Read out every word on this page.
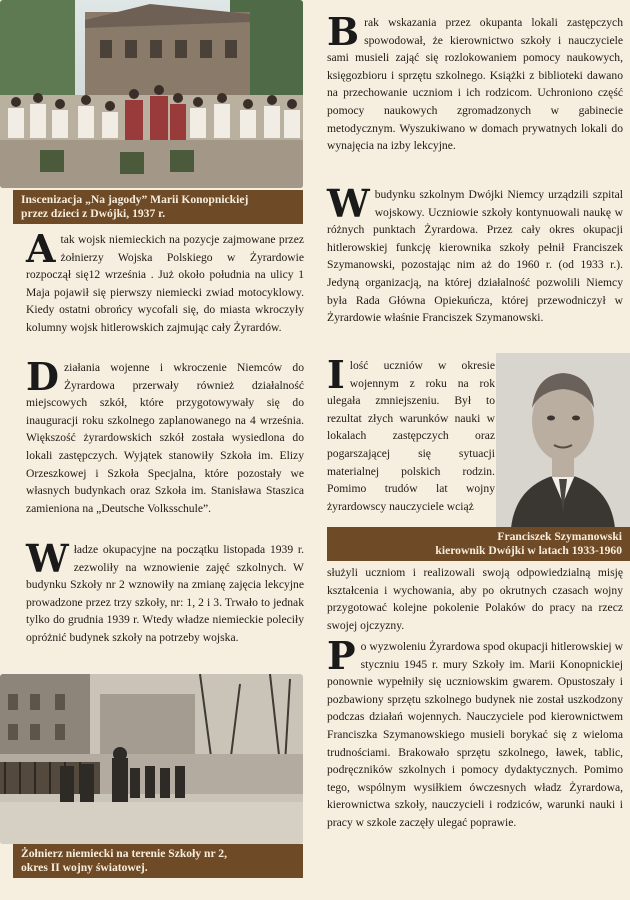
Inscenizacja „Na jagody” Marii Konopnickiej
przez dzieci z Dwójki, 1937 r.

Atak wojsk niemieckich na pozycje zajmowane przez żołnierzy Wojska Polskiego w Żyrardowie rozpoczął się12 września . Już około południa na ulicy 1 Maja pojawił się pierwszy niemiecki zwiad motocyklowy. Kiedy ostatni obrońcy wycofali się, do miasta wkroczyły kolumny wojsk hitlerowskich zajmując cały Żyrardów.

Działania wojenne i wkroczenie Niemców do Żyrardowa przerwały również działalność miejscowych szkół, które przygotowywały się do inauguracji roku szkolnego zaplanowanego na 4 września. Większość żyrardowskich szkół została wysiedlona do lokali zastępczych. Wyjątek stanowiły Szkoła im. Elizy Orzeszkowej i Szkoła Specjalna, które pozostały we własnych budynkach oraz Szkoła im. Stanisława Staszica zamieniona na „Deutsche Volksschule”.

Władze okupacyjne na początku listopada 1939 r. zezwoliły na wznowienie zajęć szkolnych. W budynku Szkoły nr 2 wznowiły na zmianę zajęcia lekcyjne prowadzone przez trzy szkoły, nr: 1, 2 i 3. Trwało to jednak tylko do grudnia 1939 r. Wtedy władze niemieckie poleciły opróżnić budynek szkoły na potrzeby wojska.

Żołnierz niemiecki na terenie Szkoły nr 2,
okres II wojny światowej.

Brak wskazania przez okupanta lokali zastępczych spowodował, że kierownictwo szkoły i nauczyciele sami musieli zająć się rozlokowaniem pomocy naukowych, księgozbioru i sprzętu szkolnego. Książki z biblioteki dawano na przechowanie uczniom i ich rodzicom. Uchroniono część pomocy naukowych zgromadzonych w gabinecie metodycznym. Wyszukiwano w domach prywatnych lokali do wynajęcia na izby lekcyjne.

Wbudynku szkolnym Dwójki Niemcy urządzili szpital wojskowy. Uczniowie szkoły kontynuowali naukę w różnych punktach Żyrardowa. Przez cały okres okupacji hitlerowskiej funkcję kierownika szkoły pełnił Franciszek Szymanowski, pozostając nim aż do 1960 r. (od 1933 r.). Jedyną organizacją, na której działalność pozwolili Niemcy była Rada Główna Opiekuńcza, której przewodniczył w Żyrardowie właśnie Franciszek Szymanowski.

Ilość uczniów w okresie wojennym z roku na rok ulegała zmniejszeniu. Był to rezultat złych warunków nauki w lokalach zastępczych oraz pogarszającej się sytuacji materialnej polskich rodzin. Pomimo trudów lat wojny żyrardowscy nauczyciele wciąż

Franciszek Szymanowski
kierownik Dwójki w latach 1933-1960

służyli uczniom i realizowali swoją odpowiedzialną misję kształcenia i wychowania, aby po okrutnych czasach wojny przygotować kolejne pokolenie Polaków do pracy na rzecz swojej ojczyzny.

Po wyzwoleniu Żyrardowa spod okupacji hitlerowskiej w styczniu 1945 r. mury Szkoły im. Marii Konopnickiej ponownie wypełniły się uczniowskim gwarem. Opustoszały i pozbawiony sprzętu szkolnego budynek nie został uszkodzony podczas działań wojennych. Nauczyciele pod kierownictwem Franciszka Szymanowskiego musieli borykać się z wieloma trudnościami. Brakowało sprzętu szkolnego, ławek, tablic, podręczników szkolnych i pomocy dydaktycznych. Pomimo tego, wspólnym wysiłkiem ówczesnych władz Żyrardowa, kierownictwa szkoły, nauczycieli i rodziców, warunki nauki i pracy w szkole zaczęły ulegać poprawie.
